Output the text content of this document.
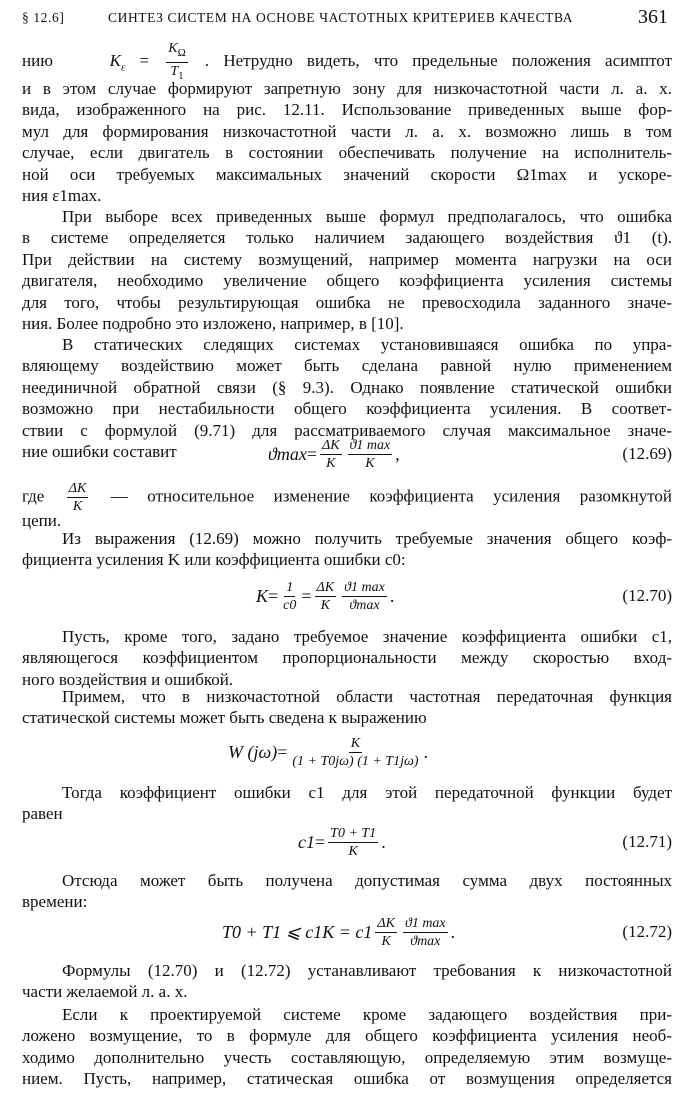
§ 12.6]	СИНТЕЗ СИСТЕМ НА ОСНОВЕ ЧАСТОТНЫХ КРИТЕРИЕВ КАЧЕСТВА	361
нию	$K_\varepsilon = \frac{K_\Omega}{T_1}$ . Нетрудно видеть, что предельные положения асимптот
и в этом случае формируют запретную зону для низкочастотной части л. а. х.
вида, изображенного на рис. 12.11. Использование приведенных выше фор-
мул для формирования низкочастотной части л. а. х. возможно лишь в том
случае, если двигатель в состоянии обеспечивать получение на исполнитель-
ной оси требуемых максимальных значений скорости Ω1max и ускоре-
ния ε1max.
При выборе всех приведенных выше формул предполагалось, что ошибка
в системе определяется только наличием задающего воздействия ϑ1 (t).
При действии на систему возмущений, например момента нагрузки на оси
двигателя, необходимо увеличение общего коэффициента усиления системы
для того, чтобы результирующая ошибка не превосходила заданного значе-
ния. Более подробно это изложено, например, в [10].
В статических следящих системах установившаяся ошибка по упра-
вляющему воздействию может быть сделана равной нулю применением
неединичной обратной связи (§ 9.3). Однако появление статической ошибки
возможно при нестабильности общего коэффициента усиления. В соответ-
ствии с формулой (9.71) для рассматриваемого случая максимальное значе-
ние ошибки составит	$ϑ\max = \frac{\Delta K}{K} \frac{ϑ1 \max}{K}$ ,	(12.69)
где $\frac{\Delta K}{K}$ — относительное изменение коэффициента усиления разомкнутой
цепи.
Из выражения (12.69) можно получить требуемые значения общего коэф-
фициента усиления K или коэффициента ошибки c0:
$K = \frac{1}{c0} = \frac{\Delta K}{K} \frac{ϑ1 \max}{ϑ\max}$ .	(12.70)
Пусть, кроме того, задано требуемое значение коэффициента ошибки c1,
являющегося коэффициентом пропорциональности между скоростью вход-
ного воздействия и ошибкой.
Примем, что в низкочастотной области частотная передаточная функция
статической системы может быть сведена к выражению
W $(j\omega) = \frac{K}{(1 + T0j\omega) (1 + T1j\omega)}$ .
Тогда коэффициент ошибки c1 для этой передаточной функции будет
равен
$c1 = \frac{T0 + T1}{K}$ .	(12.71)
Отсюда может быть получена допустимая сумма двух постоянных
времени:
T0 + T1 ⩽ $c1K = c1 \frac{\Delta K}{K} \frac{ϑ1 \max}{ϑ\max}$ .	(12.72)
Формулы (12.70) и (12.72) устанавливают требования к низкочастотной
части желаемой л. а. х.
Если к проектируемой системе кроме задающего воздействия при-
ложено возмущение, то в формуле для общего коэффициента усиления необ-
ходимо дополнительно учесть составляющую, определяемую этим возмуще-
нием. Пусть, например, статическая ошибка от возмущения определяется
